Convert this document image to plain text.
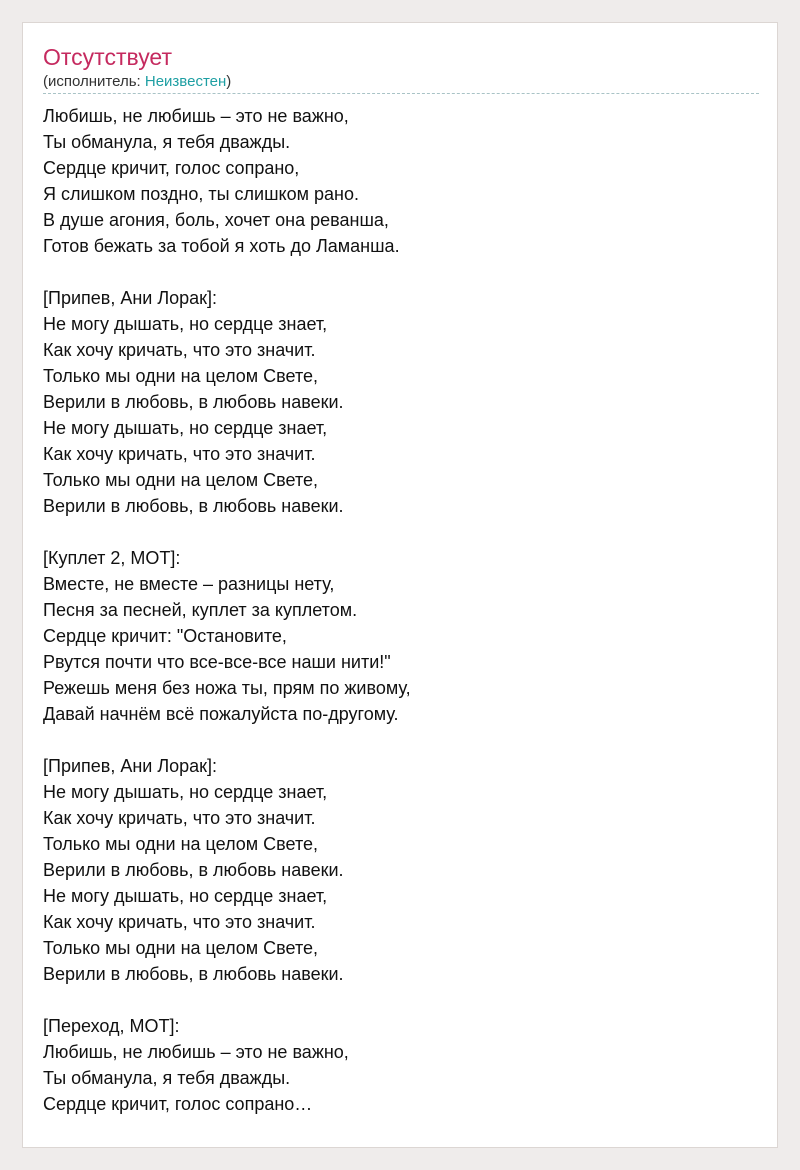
Отсутствует
(исполнитель: Неизвестен)
Любишь, не любишь – это не важно,
Ты обманула, я тебя дважды.
Сердце кричит, голос сопрано,
Я слишком поздно, ты слишком рано.
В душе агония, боль, хочет она реванша,
Готов бежать за тобой я хоть до Ламанша.
[Припев, Ани Лорак]:
Не могу дышать, но сердце знает,
Как хочу кричать, что это значит.
Только мы одни на целом Свете,
Верили в любовь, в любовь навеки.
Не могу дышать, но сердце знает,
Как хочу кричать, что это значит.
Только мы одни на целом Свете,
Верили в любовь, в любовь навеки.
[Куплет 2, МОТ]:
Вместе, не вместе – разницы нету,
Песня за песней, куплет за куплетом.
Сердце кричит: "Остановите,
Рвутся почти что все-все-все наши нити!"
Режешь меня без ножа ты, прям по живому,
Давай начнём всё пожалуйста по-другому.
[Припев, Ани Лорак]:
Не могу дышать, но сердце знает,
Как хочу кричать, что это значит.
Только мы одни на целом Свете,
Верили в любовь, в любовь навеки.
Не могу дышать, но сердце знает,
Как хочу кричать, что это значит.
Только мы одни на целом Свете,
Верили в любовь, в любовь навеки.
[Переход, МОТ]:
Любишь, не любишь – это не важно,
Ты обманула, я тебя дважды.
Сердце кричит, голос сопрано…
